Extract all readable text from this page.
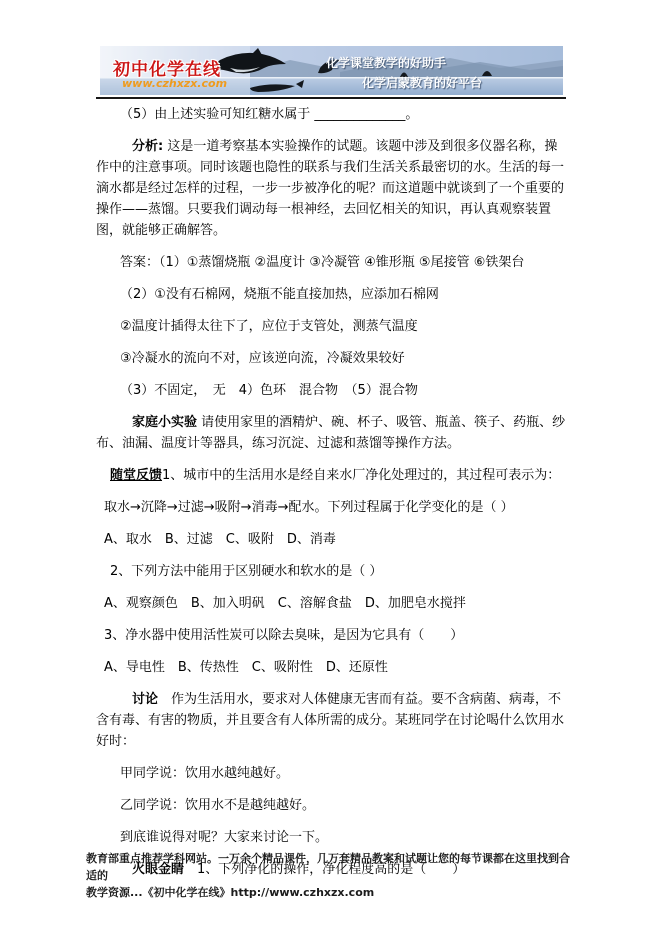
初中化学在线
www.czhxzx.com
化学课堂教学的好助手
化学启蒙教育的好平台

（5）由上述实验可知红糖水属于 ______________。

分析: 这是一道考察基本实验操作的试题。该题中涉及到很多仪器名称，操作中的注意事项。同时该题也隐性的联系与我们生活关系最密切的水。生活的每一滴水都是经过怎样的过程，一步一步被净化的呢？而这道题中就谈到了一个重要的操作——蒸馏。只要我们调动每一根神经，去回忆相关的知识，再认真观察装置图，就能够正确解答。

答案：（1）①蒸馏烧瓶 ②温度计 ③冷凝管 ④锥形瓶 ⑤尾接管 ⑥铁架台

（2）①没有石棉网，烧瓶不能直接加热，应添加石棉网

②温度计插得太往下了，应位于支管处，测蒸气温度

③冷凝水的流向不对，应该逆向流，冷凝效果较好

（3）不固定，　无　4）色环　混合物　（5）混合物

家庭小实验 请使用家里的酒精炉、碗、杯子、吸管、瓶盖、筷子、药瓶、纱布、油漏、温度计等器具，练习沉淀、过滤和蒸馏等操作方法。

随堂反馈1、城市中的生活用水是经自来水厂净化处理过的，其过程可表示为：

取水→沉降→过滤→吸附→消毒→配水。下列过程属于化学变化的是（ ）

A、取水　B、过滤　C、吸附　D、消毒

2、下列方法中能用于区别硬水和软水的是（ ）

A、观察颜色　B、加入明矾　C、溶解食盐　D、加肥皂水搅拌

3、净水器中使用活性炭可以除去臭味，是因为它具有（　　）

A、导电性　B、传热性　C、吸附性　D、还原性

讨论　作为生活用水，要求对人体健康无害而有益。要不含病菌、病毒，不含有毒、有害的物质，并且要含有人体所需的成分。某班同学在讨论喝什么饮用水好时：

甲同学说：饮用水越纯越好。

乙同学说：饮用水不是越纯越好。

到底谁说得对呢？大家来讨论一下。

火眼金睛　1、下列净化的操作，净化程度高的是（　　）

教育部重点推荐学科网站。一万余个精品课件，几万套精品教案和试题让您的每节课都在这里找到合适的
教学资源...《初中化学在线》http://www.czhxzx.com
